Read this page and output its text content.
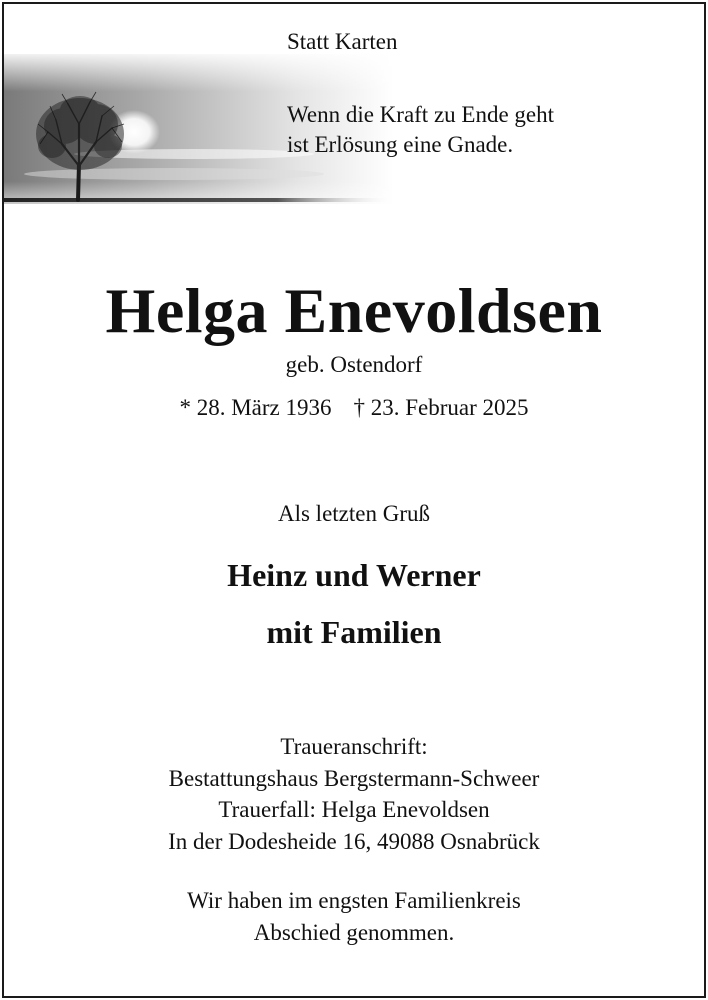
Statt Karten
Wenn die Kraft zu Ende geht
ist Erlösung eine Gnade.
Helga Enevoldsen
geb. Ostendorf
* 28. März 1936 † 23. Februar 2025
Als letzten Gruß
Heinz und Werner
mit Familien
Traueranschrift:
Bestattungshaus Bergstermann-Schweer
Trauerfall: Helga Enevoldsen
In der Dodesheide 16, 49088 Osnabrück
Wir haben im engsten Familienkreis
Abschied genommen.
